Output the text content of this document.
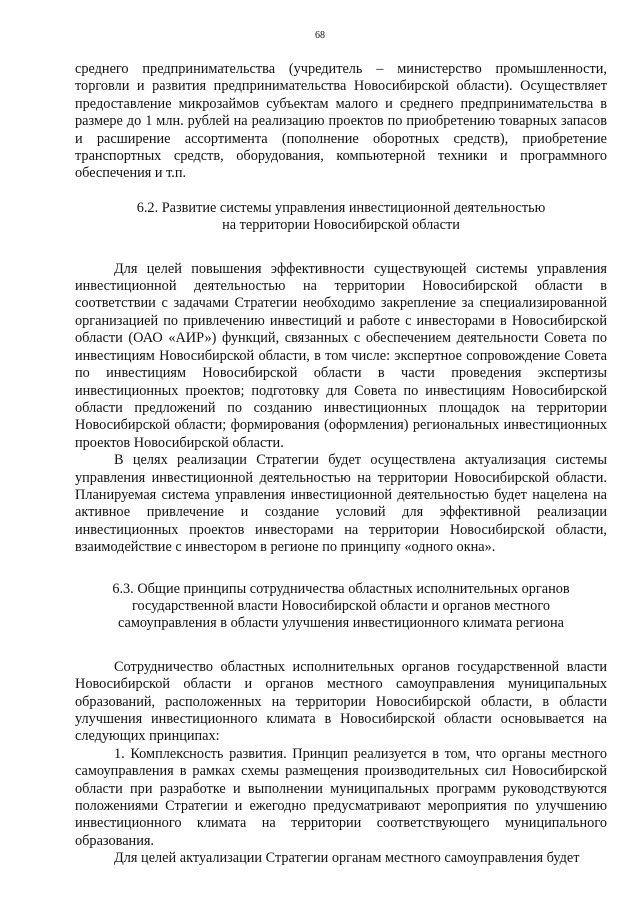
68

среднего предпринимательства (учредитель – министерство промышленности, торговли и развития предпринимательства Новосибирской области). Осуществляет предоставление микрозаймов субъектам малого и среднего предпринимательства в размере до 1 млн. рублей на реализацию проектов по приобретению товарных запасов и расширение ассортимента (пополнение оборотных средств), приобретение транспортных средств, оборудования, компьютерной техники и программного обеспечения и т.п.

6.2. Развитие системы управления инвестиционной деятельностью
на территории Новосибирской области

Для целей повышения эффективности существующей системы управления инвестиционной деятельностью на территории Новосибирской области в соответствии с задачами Стратегии необходимо закрепление за специализированной организацией по привлечению инвестиций и работе с инвесторами в Новосибирской области (ОАО «АИР») функций, связанных с обеспечением деятельности Совета по инвестициям Новосибирской области, в том числе: экспертное сопровождение Совета по инвестициям Новосибирской области в части проведения экспертизы инвестиционных проектов; подготовку для Совета по инвестициям Новосибирской области предложений по созданию инвестиционных площадок на территории Новосибирской области; формирования (оформления) региональных инвестиционных проектов Новосибирской области.

В целях реализации Стратегии будет осуществлена актуализация системы управления инвестиционной деятельностью на территории Новосибирской области. Планируемая система управления инвестиционной деятельностью будет нацелена на активное привлечение и создание условий для эффективной реализации инвестиционных проектов инвесторами на территории Новосибирской области, взаимодействие с инвестором в регионе по принципу «одного окна».

6.3. Общие принципы сотрудничества областных исполнительных органов
государственной власти Новосибирской области и органов местного
самоуправления в области улучшения инвестиционного климата региона

Сотрудничество областных исполнительных органов государственной власти Новосибирской области и органов местного самоуправления муниципальных образований, расположенных на территории Новосибирской области, в области улучшения инвестиционного климата в Новосибирской области основывается на следующих принципах:

1. Комплексность развития. Принцип реализуется в том, что органы местного самоуправления в рамках схемы размещения производительных сил Новосибирской области при разработке и выполнении муниципальных программ руководствуются положениями Стратегии и ежегодно предусматривают мероприятия по улучшению инвестиционного климата на территории соответствующего муниципального образования.

Для целей актуализации Стратегии органам местного самоуправления будет
